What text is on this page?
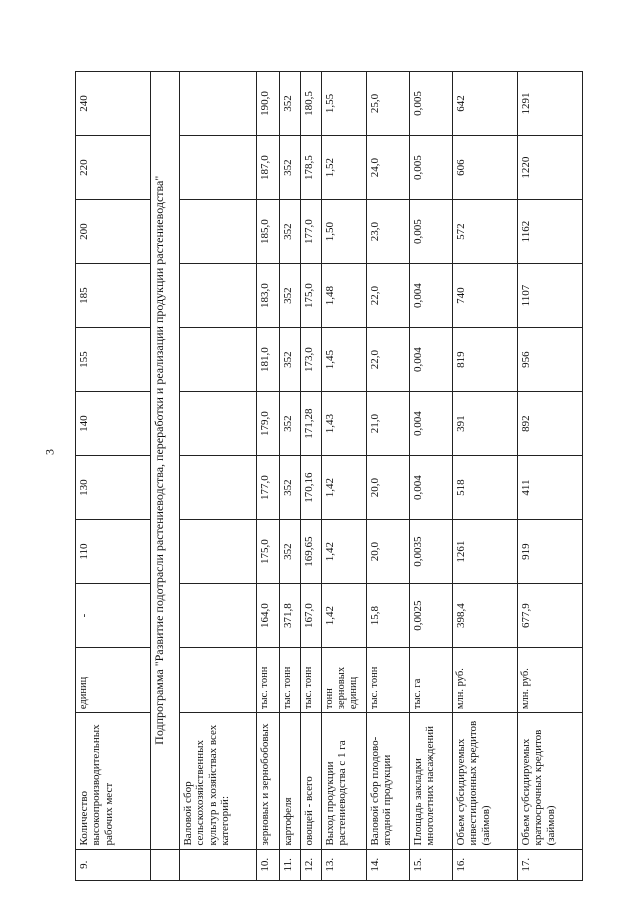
3
9.	Количество высокопроизводительных рабочих мест	единиц	-	110	130	140	155	185	200	220	240
	Подпрограмма "Развитие подотрасли растениеводства, переработки и реализации продукции растениеводства"										
	Валовой сбор сельскохозяйственных культур в хозяйствах всех категорий:										
10.	зерновых и зернобобовых	тыс. тонн	164,0	175,0	177,0	179,0	181,0	183,0	185,0	187,0	190,0
11.	картофеля	тыс. тонн	371,8	352	352	352	352	352	352	352	352
12.	овощей - всего	тыс. тонн	167,0	169,65	170,16	171,28	173,0	175,0	177,0	178,5	180,5
13.	Выход продукции растениеводства с 1 га	тонн зерновых единиц	1,42	1,42	1,42	1,43	1,45	1,48	1,50	1,52	1,55
14.	Валовой сбор плодово-ягодной продукции	тыс. тонн	15,8	20,0	20,0	21,0	22,0	22,0	23,0	24,0	25,0
15.	Площадь закладки многолетних насаждений	тыс. га	0,0025	0,0035	0,004	0,004	0,004	0,004	0,005	0,005	0,005
16.	Объем субсидируемых инвестиционных кредитов (займов)	млн. руб.	398,4	1261	518	391	819	740	572	606	642
17.	Объем субсидируемых краткосрочных кредитов (займов)	млн. руб.	677,9	919	411	892	956	1107	1162	1220	1291
